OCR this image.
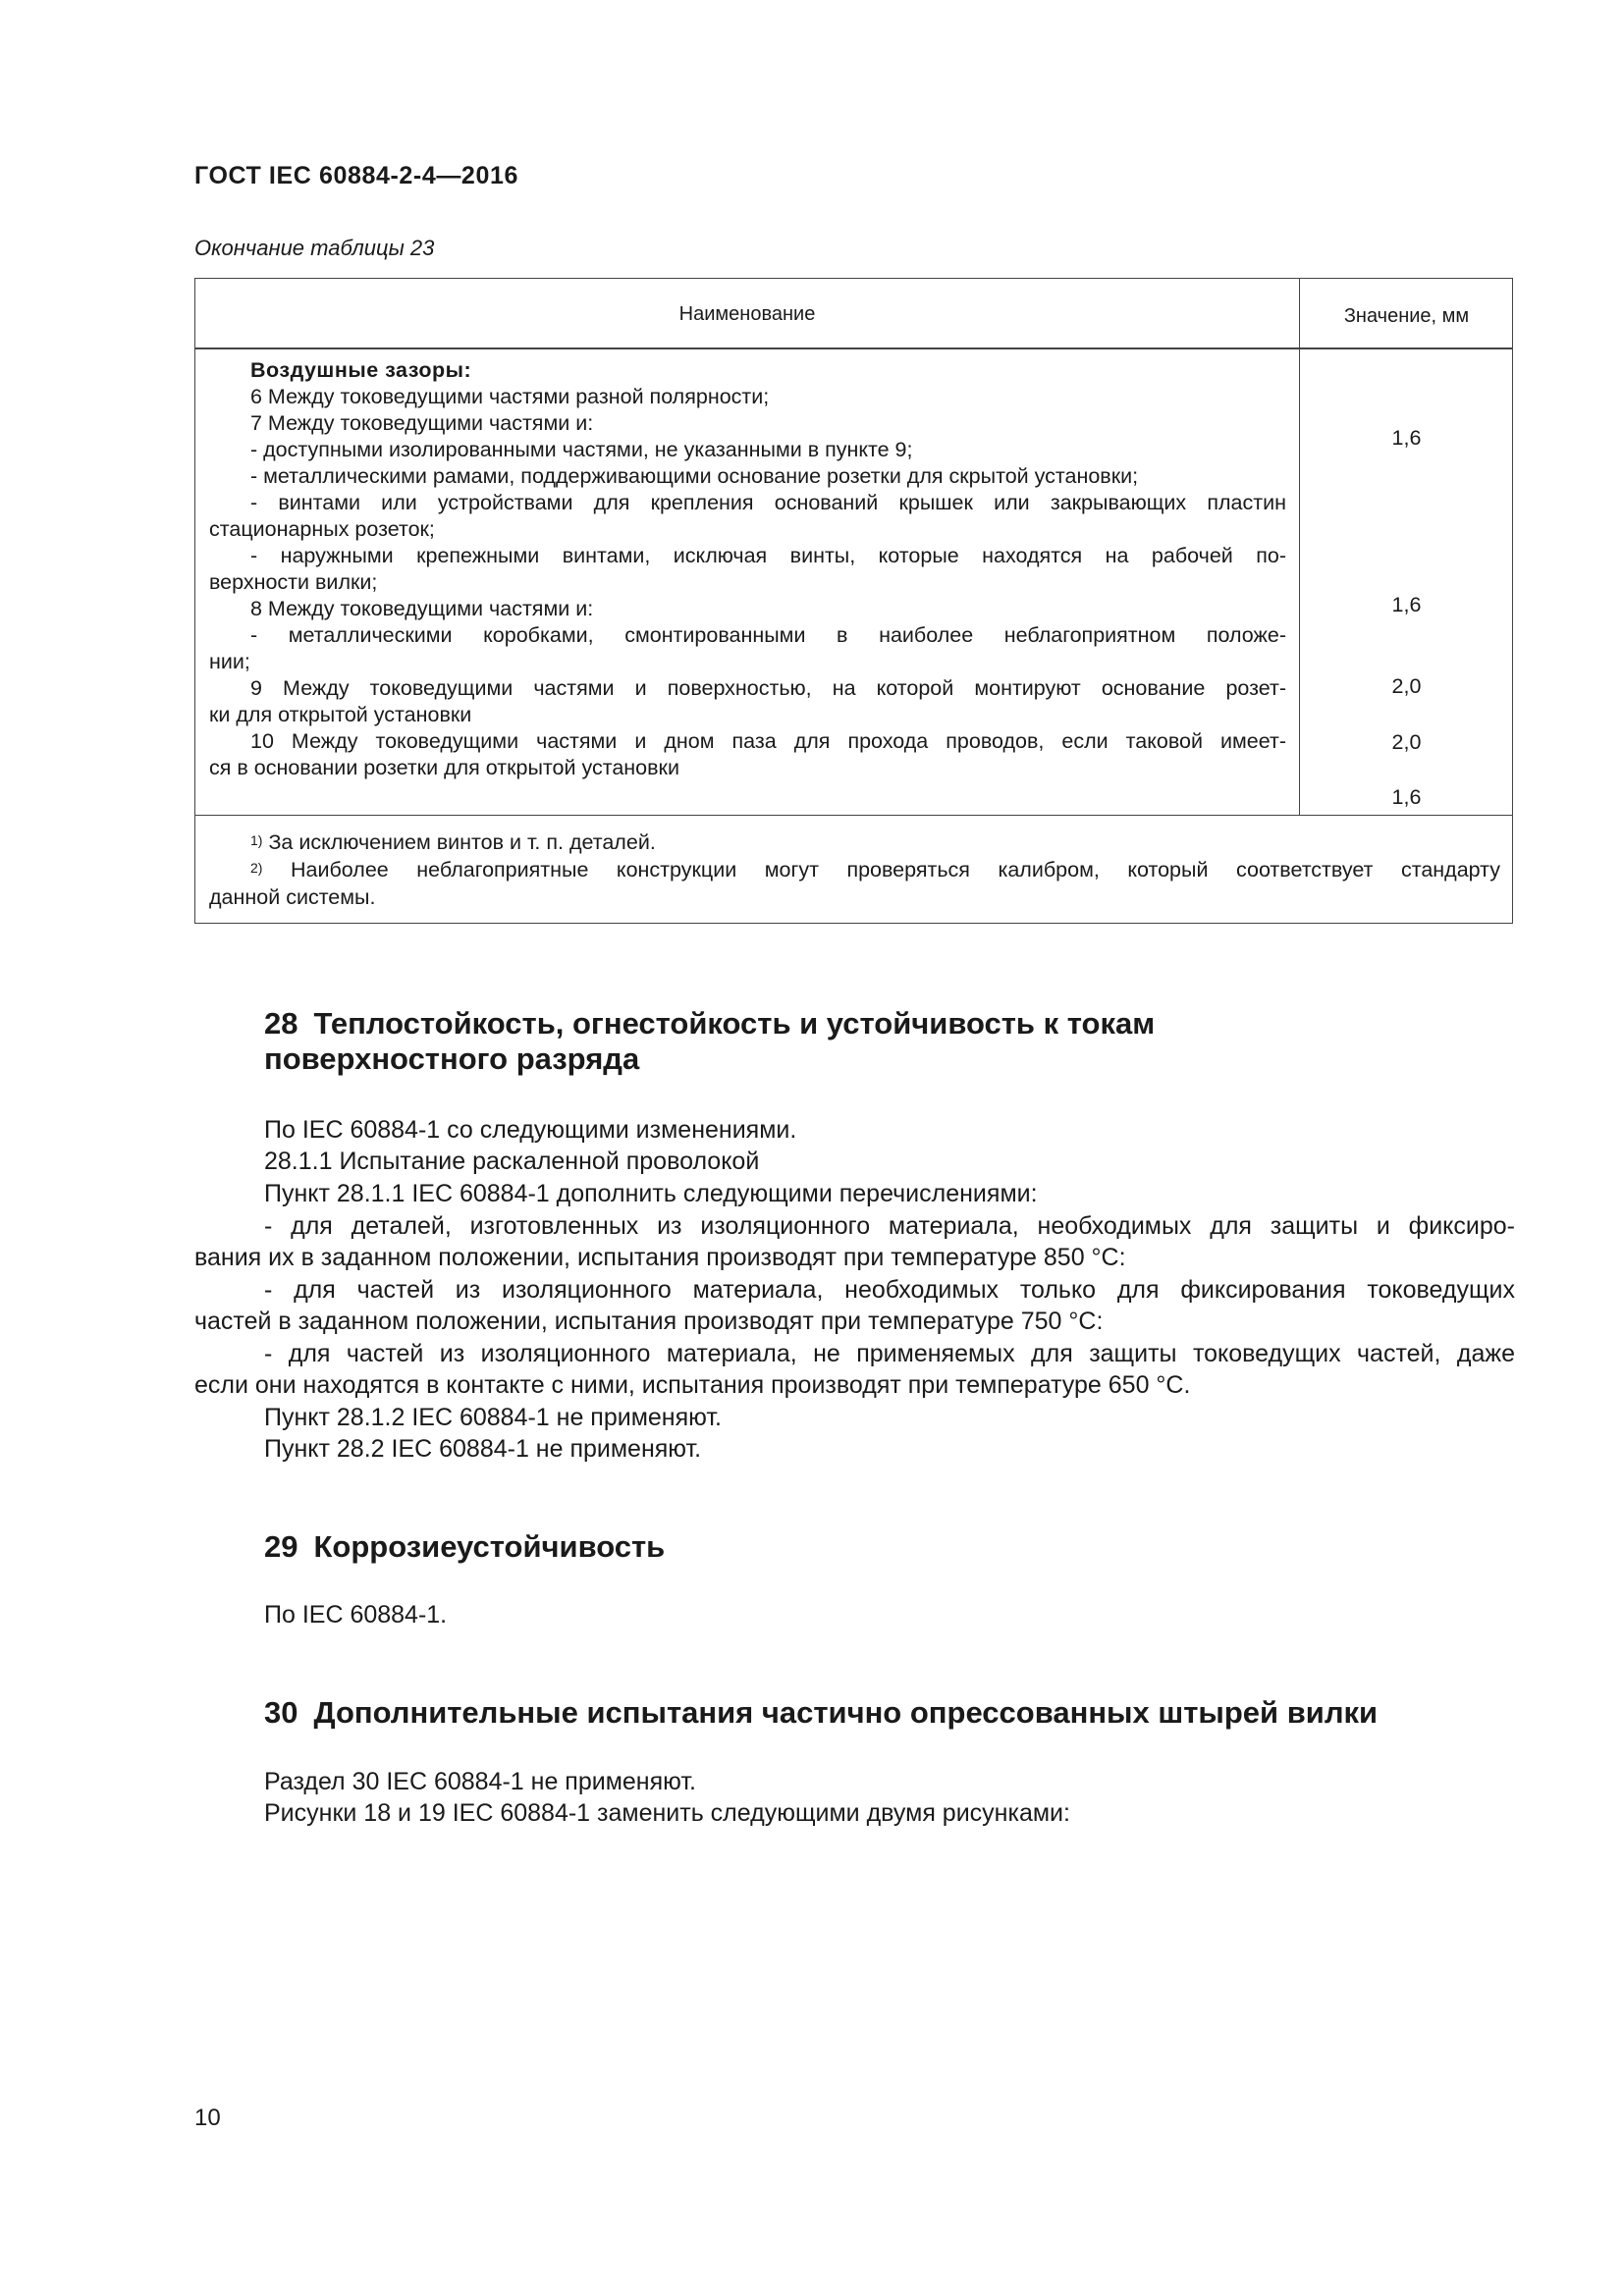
ГОСТ IEC 60884-2-4—2016
Окончание таблицы 23
Наименование	Значение, мм
Воздушные зазоры:
6 Между токоведущими частями разной полярности;
7 Между токоведущими частями и:
- доступными изолированными частями, не указанными в пункте 9;
- металлическими рамами, поддерживающими основание розетки для скрытой установки;
- винтами или устройствами для крепления оснований крышек или закрывающих пластин
стационарных розеток;
- наружными крепежными винтами, исключая винты, которые находятся на рабочей по-
верхности вилки;
8 Между токоведущими частями и:
- металлическими коробками, смонтированными в наиболее неблагоприятном положе-
нии;
9 Между токоведущими частями и поверхностью, на которой монтируют основание розет-
ки для открытой установки
10 Между токоведущими частями и дном паза для прохода проводов, если таковой имеет-
ся в основании розетки для открытой установки
1,6
1,6
2,0
2,0
1,6
$^{1)}$ За исключением винтов и т. п. деталей.
$^{2)}$ Наиболее неблагоприятные конструкции могут проверяться калибром, который соответствует стандарту
данной системы.
28 Теплостойкость, огнестойкость и устойчивость к токам
поверхностного разряда
По IEC 60884-1 со следующими изменениями.
28.1.1 Испытание раскаленной проволокой
Пункт 28.1.1 IEC 60884-1 дополнить следующими перечислениями:
- для деталей, изготовленных из изоляционного материала, необходимых для защиты и фиксиро-
вания их в заданном положении, испытания производят при температуре 850 °С:
- для частей из изоляционного материала, необходимых только для фиксирования токоведущих
частей в заданном положении, испытания производят при температуре 750 °С:
- для частей из изоляционного материала, не применяемых для защиты токоведущих частей, даже
если они находятся в контакте с ними, испытания производят при температуре 650 °С.
Пункт 28.1.2 IEC 60884-1 не применяют.
Пункт 28.2 IEC 60884-1 не применяют.
29 Коррозиеустойчивость
По IEC 60884-1.
30 Дополнительные испытания частично опрессованных штырей вилки
Раздел 30 IEC 60884-1 не применяют.
Рисунки 18 и 19 IEC 60884-1 заменить следующими двумя рисунками:
10
